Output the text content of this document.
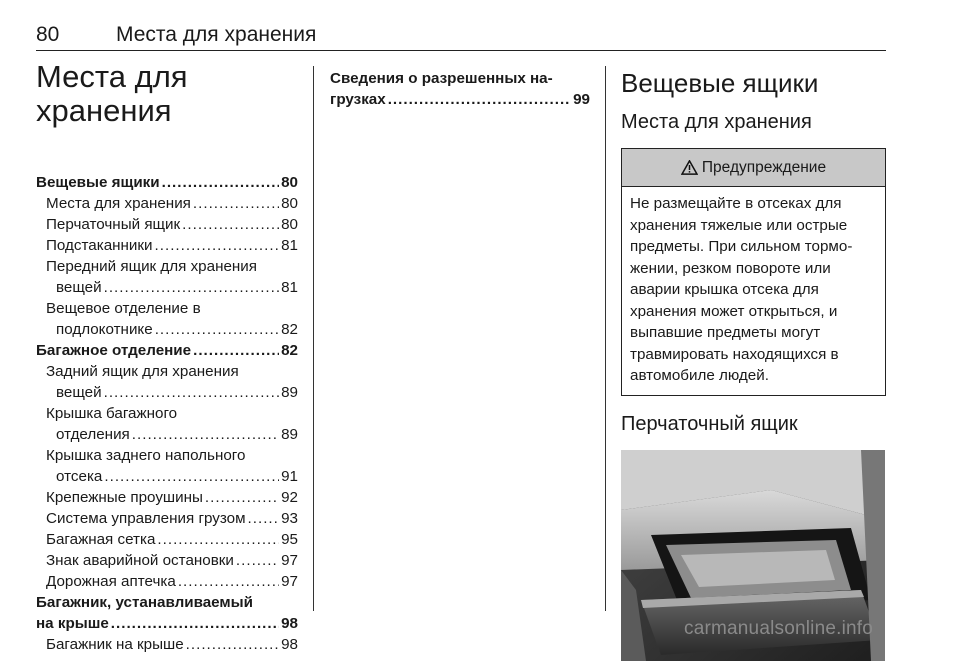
80	Места для хранения
Места для
хранения
Вещевые ящики .....	80
Места для хранения .....	80
Перчаточный ящик .....	80
Подстаканники .....	81
Передний ящик для хранения
вещей .....	81
Вещевое отделение в
подлокотнике .....	82
Багажное отделение .....	82
Задний ящик для хранения
вещей .....	89
Крышка багажного
отделения .....	89
Крышка заднего напольного
отсека .....	91
Крепежные проушины .....	92
Система управления грузом ..... 93
Багажная сетка .....	95
Знак аварийной остановки .....	97
Дорожная аптечка .....	97
Багажник, устанавливаемый
на крыше .....	98
Багажник на крыше .....	98
Сведения о разрешенных на-
грузках .....	99
Вещевые ящики
Места для хранения
Предупреждение
Не размещайте в отсеках для
хранения тяжелые или острые
предметы. При сильном тормо-
жении, резком повороте или
аварии крышка отсека для
хранения может открыться, и
выпавшие предметы могут
травмировать находящихся в
автомобиле людей.
Перчаточный ящик
carmanualsonline.info
